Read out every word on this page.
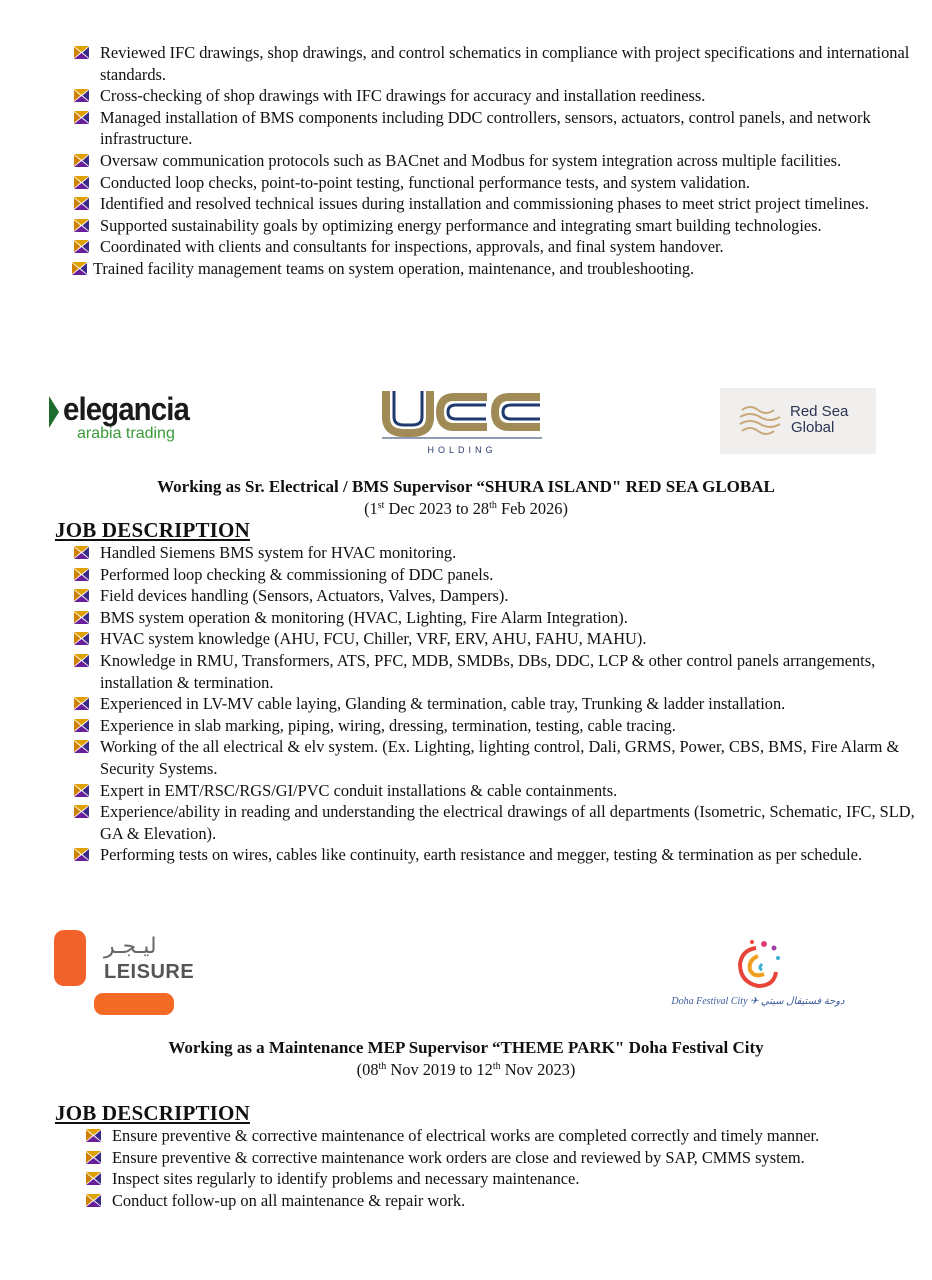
Reviewed IFC drawings, shop drawings, and control schematics in compliance with project specifications and international standards.
Cross-checking of shop drawings with IFC drawings for accuracy and installation reediness.
Managed installation of BMS components including DDC controllers, sensors, actuators, control panels, and network infrastructure.
Oversaw communication protocols such as BACnet and Modbus for system integration across multiple facilities.
Conducted loop checks, point-to-point testing, functional performance tests, and system validation.
Identified and resolved technical issues during installation and commissioning phases to meet strict project timelines.
Supported sustainability goals by optimizing energy performance and integrating smart building technologies.
Coordinated with clients and consultants for inspections, approvals, and final system handover.
Trained facility management teams on system operation, maintenance, and troubleshooting.
elegancia
arabia trading
HOLDING
Red Sea
Global
Working as Sr. Electrical / BMS Supervisor “SHURA ISLAND" RED SEA GLOBAL
(1st Dec 2023 to 28th Feb 2026)
JOB DESCRIPTION
Handled Siemens BMS system for HVAC monitoring.
Performed loop checking & commissioning of DDC panels.
Field devices handling (Sensors, Actuators, Valves, Dampers).
BMS system operation & monitoring (HVAC, Lighting, Fire Alarm Integration).
HVAC system knowledge (AHU, FCU, Chiller, VRF, ERV, AHU, FAHU, MAHU).
Knowledge in RMU, Transformers, ATS, PFC, MDB, SMDBs, DBs, DDC, LCP & other control panels arrangements, installation & termination.
Experienced in LV-MV cable laying, Glanding & termination, cable tray, Trunking & ladder installation.
Experience in slab marking, piping, wiring, dressing, termination, testing, cable tracing.
Working of the all electrical & elv system. (Ex. Lighting, lighting control, Dali, GRMS, Power, CBS, BMS, Fire Alarm & Security Systems.
Expert in EMT/RSC/RGS/GI/PVC conduit installations & cable containments.
Experience/ability in reading and understanding the electrical drawings of all departments (Isometric, Schematic, IFC, SLD, GA & Elevation).
Performing tests on wires, cables like continuity, earth resistance and megger, testing & termination as per schedule.
ليـجـر
LEISURE
Doha Festival City ✈ دوحة فستيفال سيتي
Working as a Maintenance MEP Supervisor “THEME PARK" Doha Festival City
(08th Nov 2019 to 12th Nov 2023)
JOB DESCRIPTION
Ensure preventive & corrective maintenance of electrical works are completed correctly and timely manner.
Ensure preventive & corrective maintenance work orders are close and reviewed by SAP, CMMS system.
Inspect sites regularly to identify problems and necessary maintenance.
Conduct follow-up on all maintenance & repair work.
